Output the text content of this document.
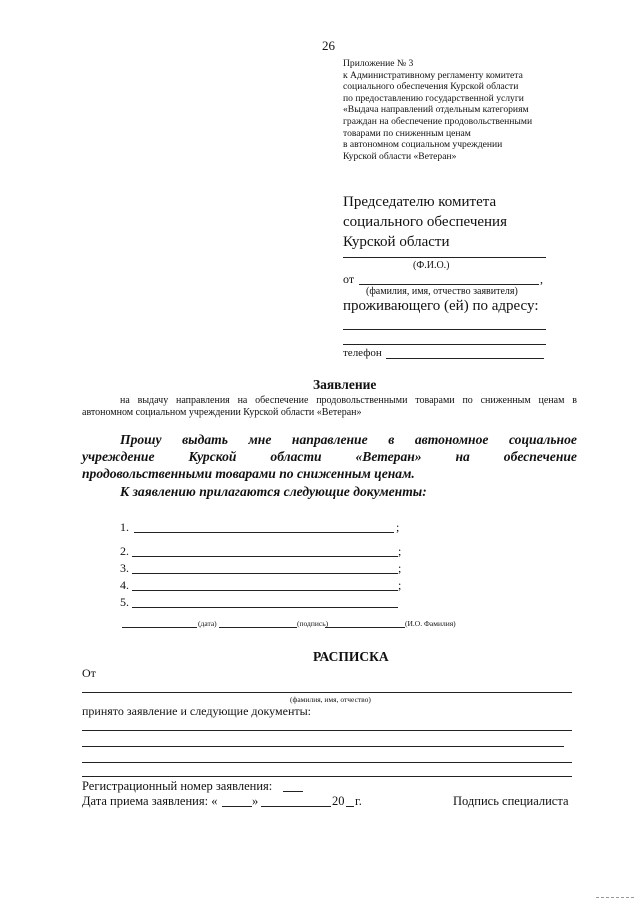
26
Приложение № 3
к Административному регламенту комитета
социального обеспечения Курской области
по предоставлению государственной услуги
«Выдача направлений отдельным категориям
граждан на обеспечение продовольственными
товарами по сниженным ценам
в автономном социальном учреждении
Курской области «Ветеран»
Председателю комитета
социального обеспечения
Курской области
(Ф.И.О.)
от	,
(фамилия, имя, отчество заявителя)
проживающего (ей) по адресу:
телефон
Заявление
на выдачу направления на обеспечение продовольственными товарами по сниженным ценам в
автономном социальном учреждении Курской области «Ветеран»
Прошу выдать мне направление в автономное социальное
учреждение Курской области «Ветеран» на обеспечение
продовольственными товарами по сниженным ценам.
К заявлению прилагаются следующие документы:
1.	;
2.	;
3.	;
4.	;
5.
(дата)	(подпись)	(И.О. Фамилия)
РАСПИСКА
От
(фамилия, имя, отчество)
принято заявление и следующие документы:
Регистрационный номер заявления:
Дата приема заявления: «	»	20 г.	Подпись специалиста
